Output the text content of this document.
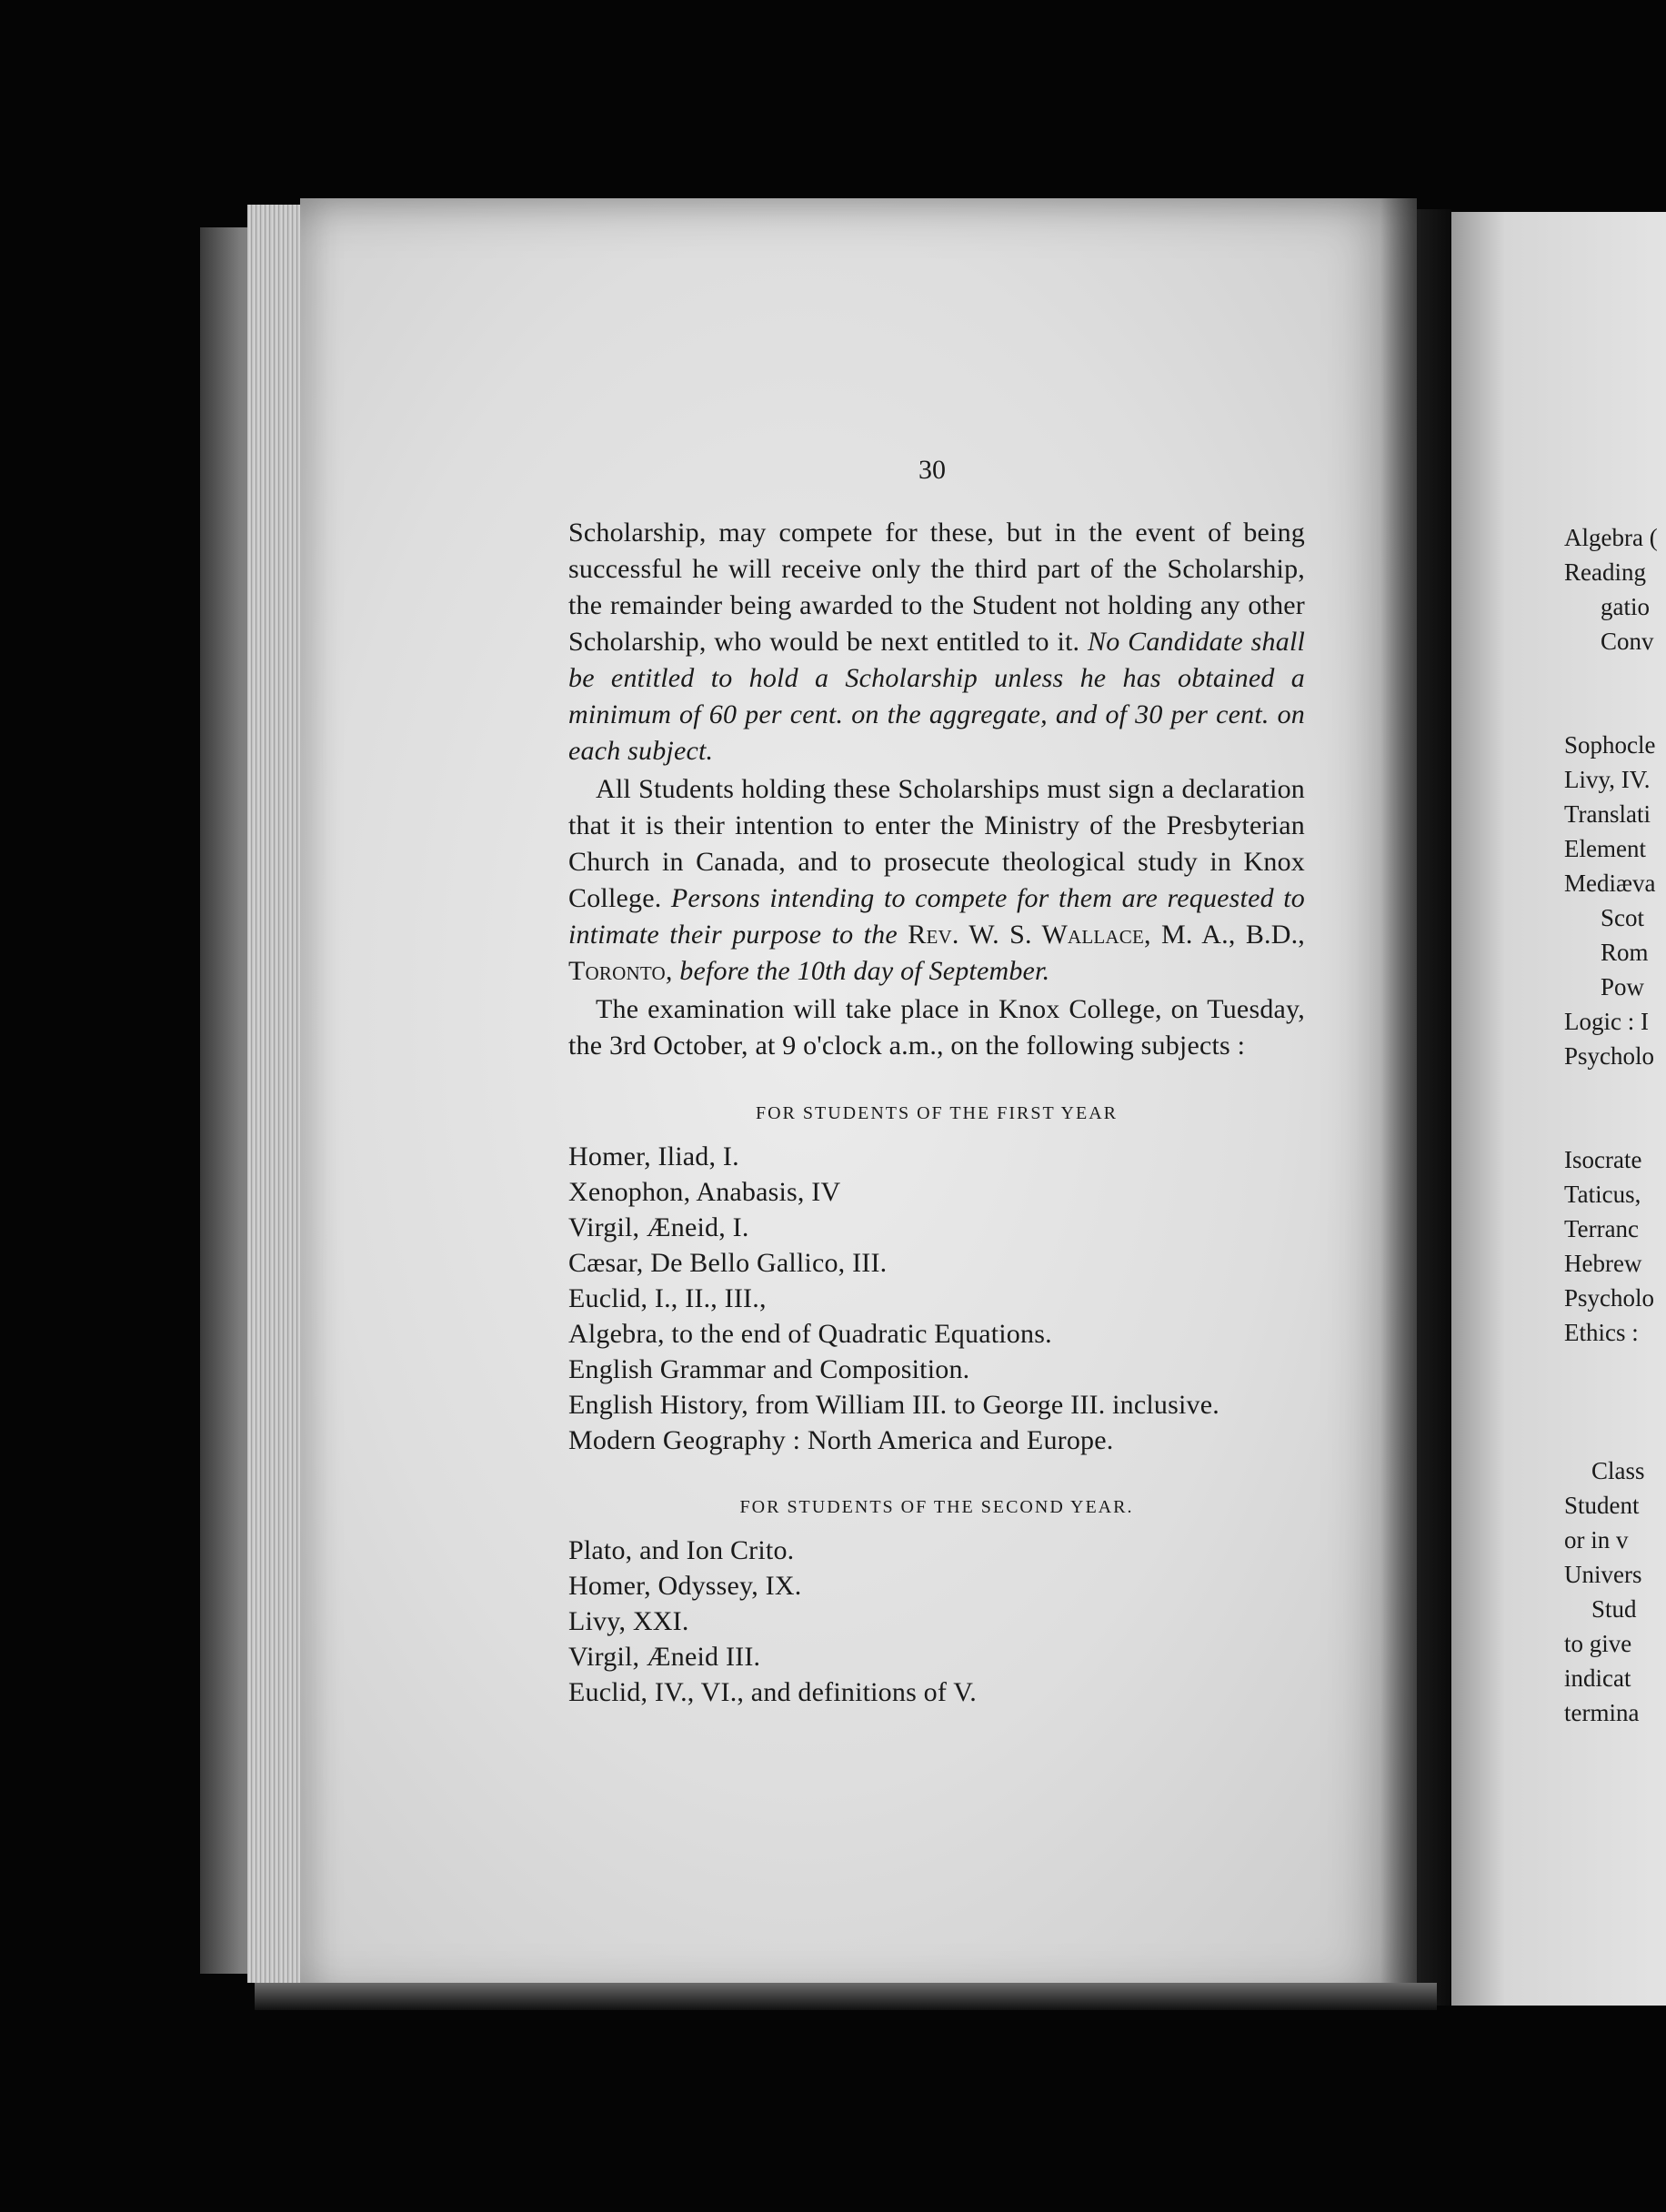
30
Scholarship, may compete for these, but in the event of being successful he will receive only the third part of the Scholarship, the remainder being awarded to the Student not holding any other Scholarship, who would be next entitled to it. No Candidate shall be entitled to hold a Scholarship unless he has obtained a minimum of 60 per cent. on the aggregate, and of 30 per cent. on each subject.
All Students holding these Scholarships must sign a declaration that it is their intention to enter the Ministry of the Presbyterian Church in Canada, and to prosecute theological study in Knox College. Persons intending to compete for them are requested to intimate their purpose to the Rev. W. S. Wallace, M. A., B.D., Toronto, before the 10th day of September.
The examination will take place in Knox College, on Tuesday, the 3rd October, at 9 o'clock a.m., on the following subjects :
FOR STUDENTS OF THE FIRST YEAR

Homer, Iliad, I.

Xenophon, Anabasis, IV

Virgil, Æneid, I.

Cæsar, De Bello Gallico, III.

Euclid, I., II., III.,

Algebra, to the end of Quadratic Equations.

English Grammar and Composition.

English History, from William III. to George III. inclusive.

Modern Geography : North America and Europe.

FOR STUDENTS OF THE SECOND YEAR.

Plato, and Ion Crito.

Homer, Odyssey, IX.

Livy, XXI.

Virgil, Æneid III.

Euclid, IV., VI., and definitions of V.

Algebra (
Reading
gatio
Conv
Sophocle
Livy, IV.
Translati
Element
Mediæva
Scot
Rom
Pow
Logic : I
Psycholo
Isocrate
Taticus,
Terranc
Hebrew
Psycholo
Ethics :
Class
Student
or in v
Univers
Stud
to give
indicat
termina
